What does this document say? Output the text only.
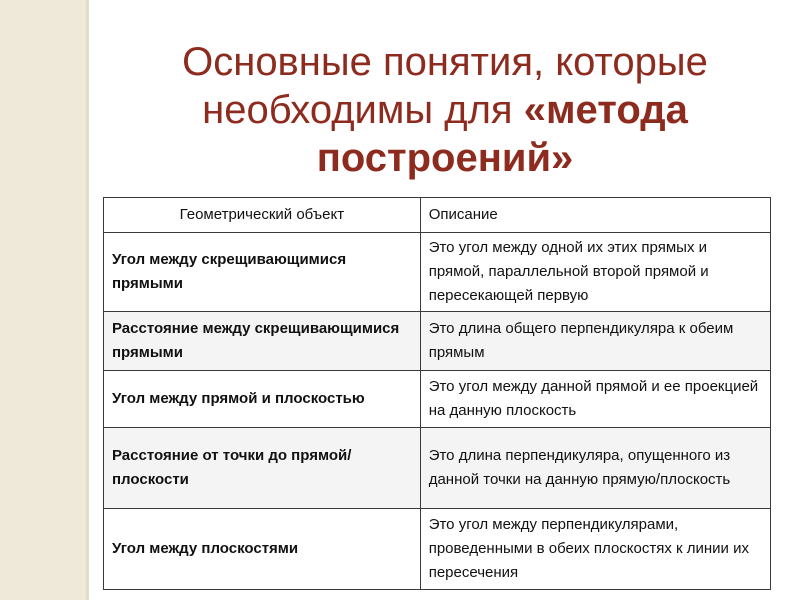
Основные понятия, которые необходимы для «метода построений»
Геометрический объект	Описание
Угол между скрещивающимися прямыми	Это угол между одной их этих прямых и прямой, параллельной второй прямой и пересекающей первую
Расстояние между скрещивающимися прямыми	Это длина общего перпендикуляра к обеим прямым
Угол между прямой и плоскостью	Это угол между данной прямой и ее проекцией на данную плоскость
Расстояние от точки до прямой/плоскости	Это длина перпендикуляра, опущенного из данной точки на данную прямую/плоскость
Угол между плоскостями	Это угол между перпендикулярами, проведенными в обеих плоскостях к линии их пересечения
